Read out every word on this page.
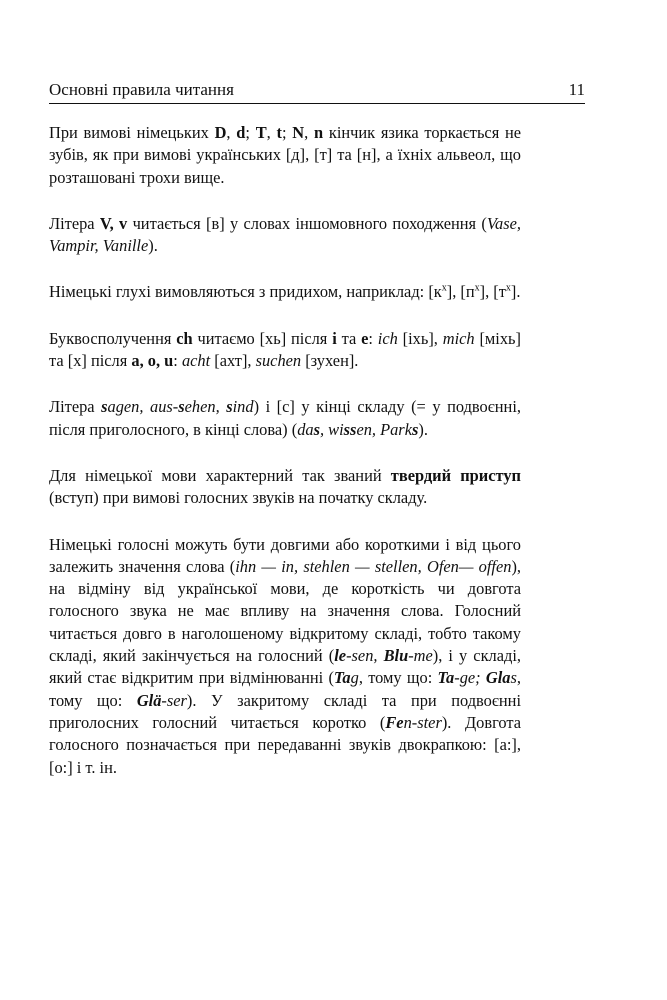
Основні правила читання	11

При вимові німецьких D, d; T, t; N, n кінчик язика торкається не зубів, як при вимові українських [д], [т] та [н], а їхніх альвеол, що розташовані трохи вище.

Літера V, v читається [в] у словах іншомовного походження (Vase, Vampir, Vanille).

Німецькі глухі вимовляються з придихом, наприклад: $[к^х]$, $[п^х]$, $[т^х]$.

Буквосполучення ch читаємо [хь] після i та e: ich [іхь], mich [міхь] та [х] після a, o, u: acht [ахт], suchen [зухен].

Літера sagen, aus-sehen, sind) і [с] у кінці складу (= у подвоєнні, після приголосного, в кінці слова) (das, wissen, Parks).

Для німецької мови характерний так званий твердий приступ (вступ) при вимові голосних звуків на початку складу.

Німецькі голосні можуть бути довгими або короткими і від цього залежить значення слова (ihn — in, stehlen — stellen, Ofen— offen), на відміну від української мови, де короткість чи довгота голосного звука не має впливу на значення слова. Голосний читається довго в наголошеному відкритому складі, тобто такому складі, який закінчується на голосний (le-sen, Blu-me), і у складі, який стає відкритим при відмінюванні (Tag, тому що: Ta-ge; Glas, тому що: Glä-ser). У закритому складі та при подвоєнні приголосних голосний читається коротко (Fen-ster). Довгота голосного позначається при передаванні звуків двокрапкою: [a:], [o:] і т. ін.
